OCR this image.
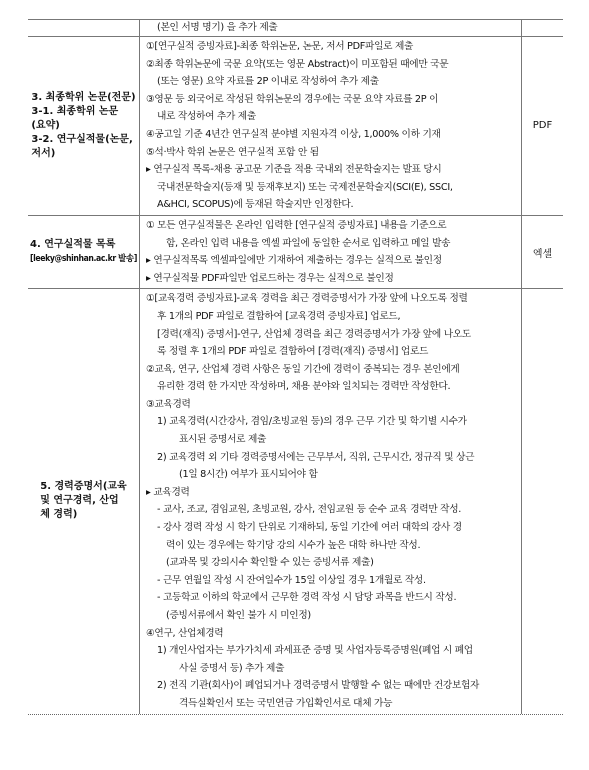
(본인 서명 명기) 을 추가 제출
3. 최종학위 논문(전문)
3-1. 최종학위 논문
(요약)
3-2. 연구실적물(논문,
저서)
①[연구실적 증빙자료]-최종 학위논문, 논문, 저서 PDF파일로 제출
②최종 학위논문에 국문 요약(또는 영문 Abstract)이 미포함된 때에만 국문
(또는 영문) 요약 자료를 2P 이내로 작성하여 추가 제출
③영문 등 외국어로 작성된 학위논문의 경우에는 국문 요약 자료를 2P 이
내로 작성하여 추가 제출
④공고일 기준 4년간 연구실적 분야별 지원자격 이상, 1,000% 이하 기재
⑤석·박사 학위 논문은 연구실적 포함 안 됨
▸ 연구실적 목록-채용 공고문 기준을 적용 국내외 전문학술지는 발표 당시
국내전문학술지(등재 및 등재후보지) 또는 국제전문학술지(SCI(E), SSCI,
A&HCI, SCOPUS)에 등재된 학술지만 인정한다.
PDF
4. 연구실적물 목록
[leeky@shinhan.ac.kr 발송]
① 모든 연구실적물은 온라인 입력한 [연구실적 증빙자료] 내용을 기준으로
함, 온라인 입력 내용을 엑셀 파일에 동일한 순서로 입력하고 메일 발송
▸ 연구실적목록 엑셀파일에만 기재하여 제출하는 경우는 실적으로 불인정
▸ 연구실적물 PDF파일만 업로드하는 경우는 실적으로 불인정
엑셀
5. 경력증명서(교육
및 연구경력, 산업
체 경력)
①[교육경력 증빙자료]-교육 경력을 최근 경력증명서가 가장 앞에 나오도록 정렬
후 1개의 PDF 파일로 결합하여 [교육경력 증빙자료] 업로드,
[경력(재직) 증명서]-연구, 산업체 경력을 최근 경력증명서가 가장 앞에 나오도
록 정렬 후 1개의 PDF 파일로 결합하여 [경력(재직) 증명서] 업로드
②교육, 연구, 산업체 경력 사항은 동일 기간에 경력이 중복되는 경우 본인에게
유리한 경력 한 가지만 작성하며, 채용 분야와 일치되는 경력만 작성한다.
③교육경력
1) 교육경력(시간강사, 겸임/초빙교원 등)의 경우 근무 기간 및 학기별 시수가
표시된 증명서로 제출
2) 교육경력 외 기타 경력증명서에는 근무부서, 직위, 근무시간, 정규직 및 상근
(1일 8시간) 여부가 표시되어야 함
▸ 교육경력
- 교사, 조교, 겸임교원, 초빙교원, 강사, 전임교원 등 순수 교육 경력만 작성.
- 강사 경력 작성 시 학기 단위로 기재하되, 동일 기간에 여러 대학의 강사 경
력이 있는 경우에는 학기당 강의 시수가 높은 대학 하나만 작성.
(교과목 및 강의시수 확인할 수 있는 증빙서류 제출)
- 근무 연월일 작성 시 잔여일수가 15일 이상일 경우 1개월로 작성.
- 고등학교 이하의 학교에서 근무한 경력 작성 시 담당 과목을 반드시 작성.
(증빙서류에서 확인 불가 시 미인정)
④연구, 산업체경력
1) 개인사업자는 부가가치세 과세표준 증명 및 사업자등록증명원(폐업 시 폐업
사실 증명서 등) 추가 제출
2) 전직 기관(회사)이 폐업되거나 경력증명서 발행할 수 없는 때에만 건강보험자
격득실확인서 또는 국민연금 가입확인서로 대체 가능
